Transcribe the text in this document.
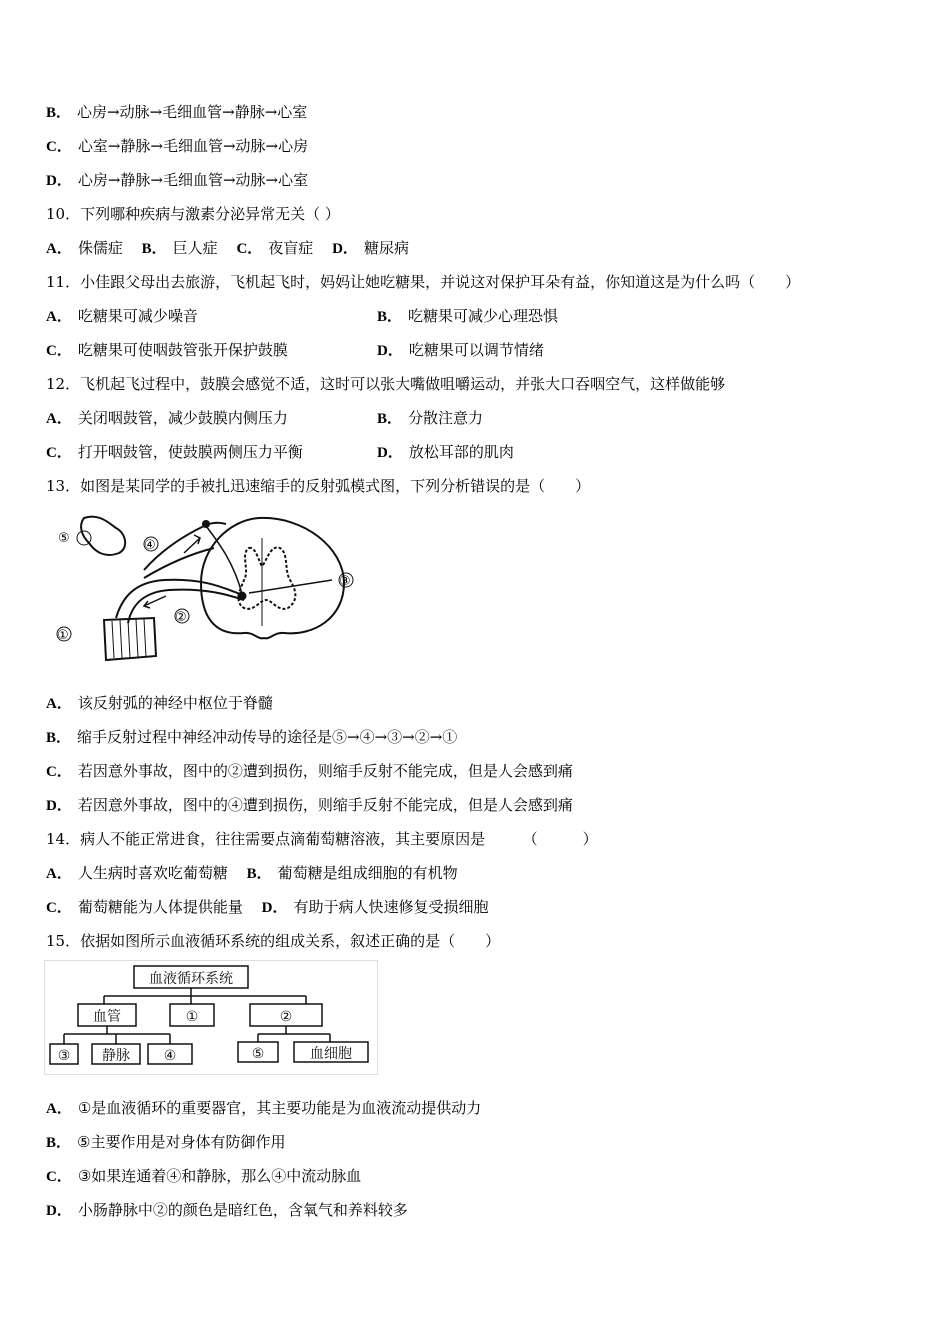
B． 心房→动脉→毛细血管→静脉→心室
C． 心室→静脉→毛细血管→动脉→心房
D． 心房→静脉→毛细血管→动脉→心室
10．下列哪种疾病与激素分泌异常无关（ ）
A． 侏儒症 B． 巨人症 C． 夜盲症 D． 糖尿病
11．小佳跟父母出去旅游，飞机起飞时，妈妈让她吃糖果，并说这对保护耳朵有益，你知道这是为什么吗（　　）
A． 吃糖果可减少噪音	B． 吃糖果可减少心理恐惧
C． 吃糖果可使咽鼓管张开保护鼓膜	D． 吃糖果可以调节情绪
12．飞机起飞过程中，鼓膜会感觉不适，这时可以张大嘴做咀嚼运动，并张大口吞咽空气，这样做能够
A． 关闭咽鼓管，减少鼓膜内侧压力	B． 分散注意力
C． 打开咽鼓管，使鼓膜两侧压力平衡	D． 放松耳部的肌肉
13．如图是某同学的手被扎迅速缩手的反射弧模式图，下列分析错误的是（　　）
⑤	④
②
③
①
A． 该反射弧的神经中枢位于脊髓
B． 缩手反射过程中神经冲动传导的途径是⑤→④→③→②→①
C． 若因意外事故，图中的②遭到损伤，则缩手反射不能完成，但是人会感到痛
D． 若因意外事故，图中的④遭到损伤，则缩手反射不能完成，但是人会感到痛
14．病人不能正常进食，往往需要点滴葡萄糖溶液，其主要原因是　　　（　　　）
A． 人生病时喜欢吃葡萄糖 B． 葡萄糖是组成细胞的有机物
C． 葡萄糖能为人体提供能量 D． 有助于病人快速修复受损细胞
15．依据如图所示血液循环系统的组成关系，叙述正确的是（　　）
血液循环系统
血管	①	②
③ 静脉 ④	⑤	血细胞
A． ①是血液循环的重要器官，其主要功能是为血液流动提供动力
B． ⑤主要作用是对身体有防御作用
C． ③如果连通着④和静脉，那么④中流动脉血
D． 小肠静脉中②的颜色是暗红色，含氧气和养料较多
